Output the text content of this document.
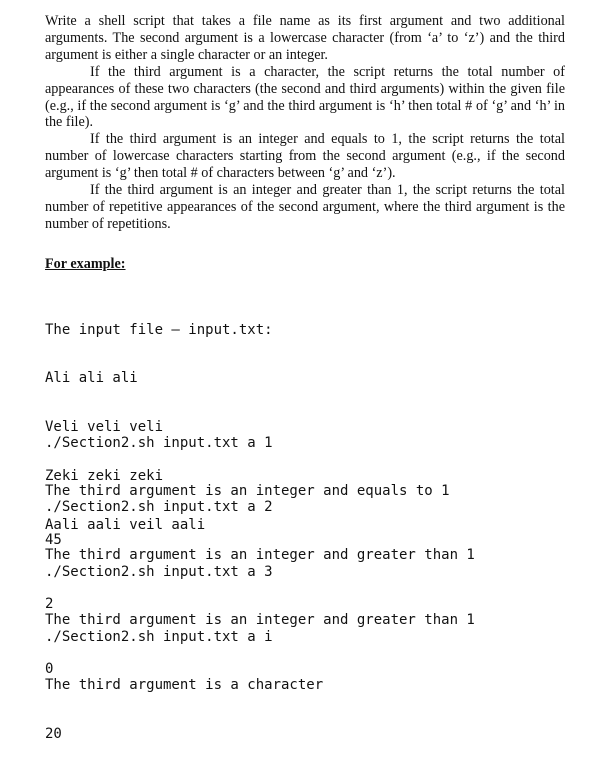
Write a shell script that takes a file name as its first argument and two additional arguments. The second argument is a lowercase character (from ‘a’ to ‘z’) and the third argument is either a single character or an integer.

If the third argument is a character, the script returns the total number of appearances of these two characters (the second and third arguments) within the given file (e.g., if the second argument is ‘g’ and the third argument is ‘h’ then total # of ‘g’ and ‘h’ in the file).

If the third argument is an integer and equals to 1, the script returns the total number of lowercase characters starting from the second argument (e.g., if the second argument is ‘g’ then total # of characters between ‘g’ and ‘z’).

If the third argument is an integer and greater than 1, the script returns the total number of repetitive appearances of the second argument, where the third argument is the number of repetitions.

For example:

The input file – input.txt:

Ali ali ali

Veli veli veli

Zeki zeki zeki

Aali aali veil aali

./Section2.sh input.txt a 1

The third argument is an integer and equals to 1

45

./Section2.sh input.txt a 2

The third argument is an integer and greater than 1

2

./Section2.sh input.txt a 3

The third argument is an integer and greater than 1

0

./Section2.sh input.txt a i

The third argument is a character

20
